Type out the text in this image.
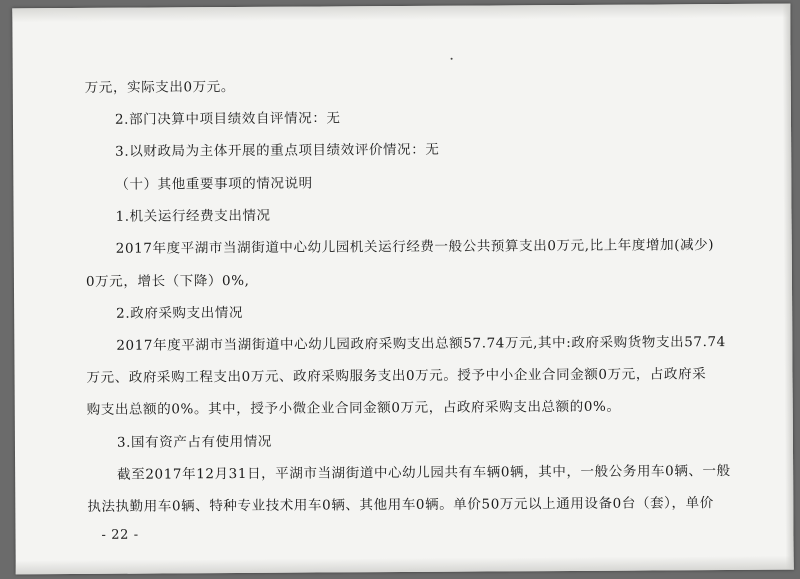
万元，实际支出0万元。
2.部门决算中项目绩效自评情况：无
3.以财政局为主体开展的重点项目绩效评价情况：无
（十）其他重要事项的情况说明
1.机关运行经费支出情况
2017年度平湖市当湖街道中心幼儿园机关运行经费一般公共预算支出0万元,比上年度增加(减少)
0万元，增长（下降）0%,
2.政府采购支出情况
2017年度平湖市当湖街道中心幼儿园政府采购支出总额57.74万元,其中:政府采购货物支出57.74
万元、政府采购工程支出0万元、政府采购服务支出0万元。授予中小企业合同金额0万元，占政府采
购支出总额的0%。其中，授予小微企业合同金额0万元，占政府采购支出总额的0%。
3.国有资产占有使用情况
截至2017年12月31日，平湖市当湖街道中心幼儿园共有车辆0辆，其中，一般公务用车0辆、一般
执法执勤用车0辆、特种专业技术用车0辆、其他用车0辆。单价50万元以上通用设备0台（套），单价
- 22 -
